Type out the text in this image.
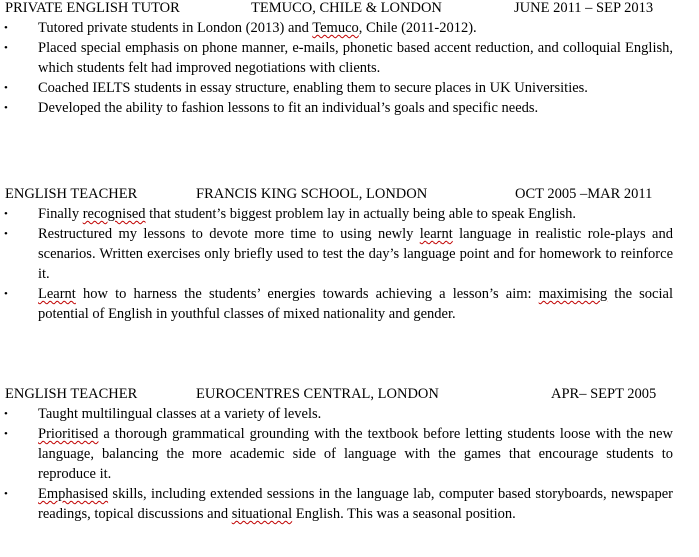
PRIVATE ENGLISH TUTOR	TEMUCO, CHILE & LONDON	JUNE 2011 – SEP 2013
•	Tutored private students in London (2013) and Temuco, Chile (2011-2012).
•	Placed special emphasis on phone manner, e-mails, phonetic based accent reduction, and colloquial English, which students felt had improved negotiations with clients.
•	Coached IELTS students in essay structure, enabling them to secure places in UK Universities.
•	Developed the ability to fashion lessons to fit an individual’s goals and specific needs.
ENGLISH TEACHER	FRANCIS KING SCHOOL, LONDON	OCT 2005 –MAR 2011
•	Finally recognised that student’s biggest problem lay in actually being able to speak English.
•	Restructured my lessons to devote more time to using newly learnt language in realistic role-plays and scenarios. Written exercises only briefly used to test the day’s language point and for homework to reinforce it.
•	Learnt how to harness the students’ energies towards achieving a lesson’s aim: maximising the social potential of English in youthful classes of mixed nationality and gender.
ENGLISH TEACHER	EUROCENTRES CENTRAL, LONDON	APR– SEPT 2005
•	Taught multilingual classes at a variety of levels.
•	Prioritised a thorough grammatical grounding with the textbook before letting students loose with the new language, balancing the more academic side of language with the games that encourage students to reproduce it.
•	Emphasised skills, including extended sessions in the language lab, computer based storyboards, newspaper readings, topical discussions and situational English. This was a seasonal position.
